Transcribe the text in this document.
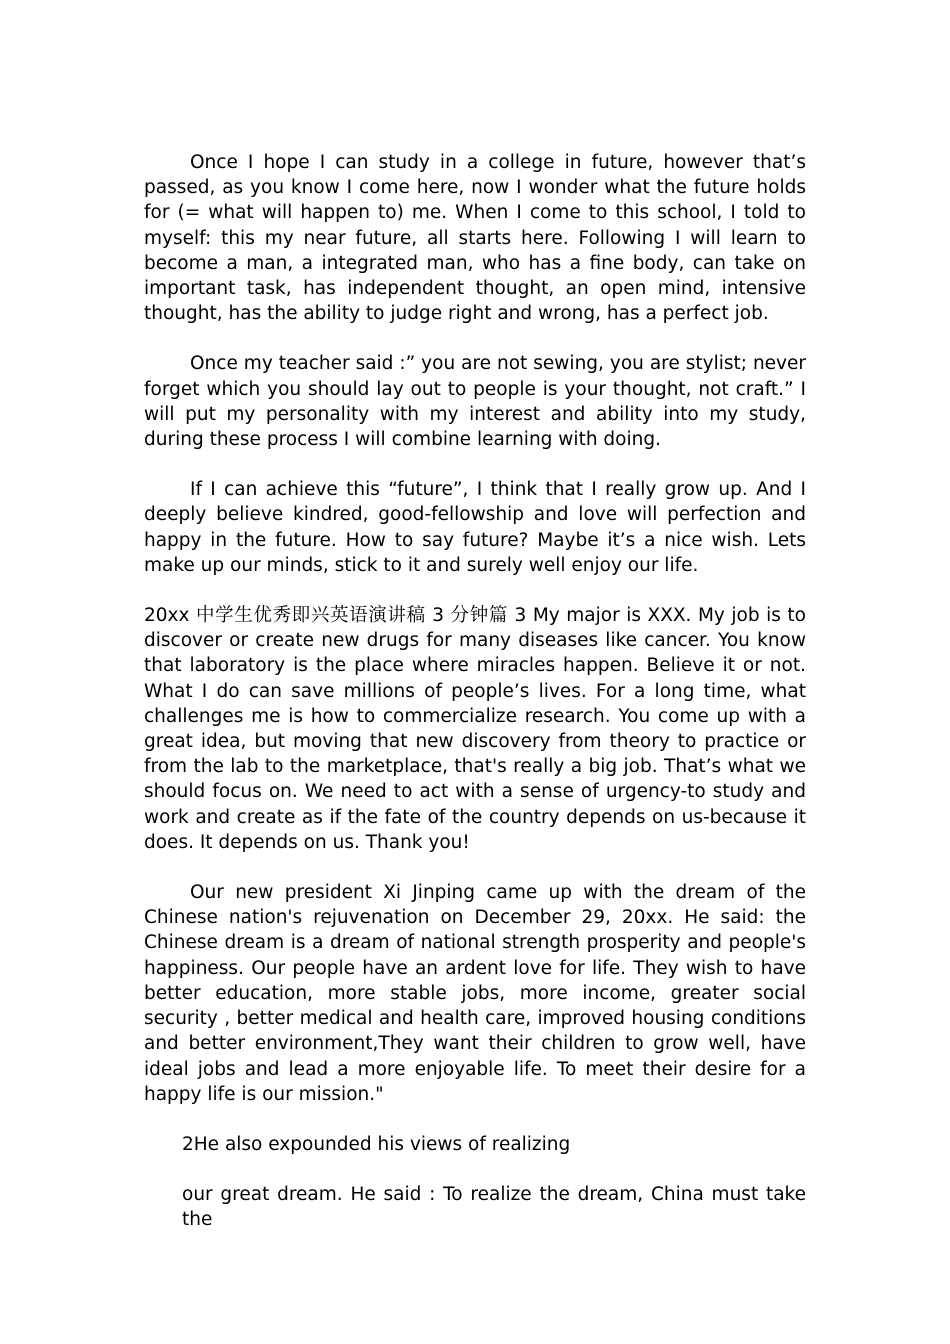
Once I hope I can study in a college in future, however that’s passed, as you know I come here, now I wonder what the future holds for (= what will happen to) me. When I come to this school, I told to myself: this my near future, all starts here. Following I will learn to become a man, a integrated man, who has a fine body, can take on important task, has independent thought, an open mind, intensive thought, has the ability to judge right and wrong, has a perfect job.

Once my teacher said :” you are not sewing, you are stylist; never forget which you should lay out to people is your thought, not craft.” I will put my personality with my interest and ability into my study, during these process I will combine learning with doing.

If I can achieve this “future”, I think that I really grow up. And I deeply believe kindred, good-fellowship and love will perfection and happy in the future. How to say future? Maybe it’s a nice wish. Lets make up our minds, stick to it and surely well enjoy our life.

20xx 中学生优秀即兴英语演讲稿 3 分钟篇 3 My major is XXX. My job is to discover or create new drugs for many diseases like cancer. You know that laboratory is the place where miracles happen. Believe it or not. What I do can save millions of people’s lives. For a long time, what challenges me is how to commercialize research. You come up with a great idea, but moving that new discovery from theory to practice or from the lab to the marketplace, that's really a big job. That’s what we should focus on. We need to act with a sense of urgency-to study and work and create as if the fate of the country depends on us-because it does. It depends on us. Thank you!

Our new president Xi Jinping came up with the dream of the Chinese nation's rejuvenation on December 29, 20xx. He said: the Chinese dream is a dream of national strength prosperity and people's happiness. Our people have an ardent love for life. They wish to have better education, more stable jobs, more income, greater social security , better medical and health care, improved housing conditions and better environment,They want their children to grow well, have ideal jobs and lead a more enjoyable life. To meet their desire for a happy life is our mission."

2He also expounded his views of realizing

our great dream. He said : To realize the dream, China must take the
